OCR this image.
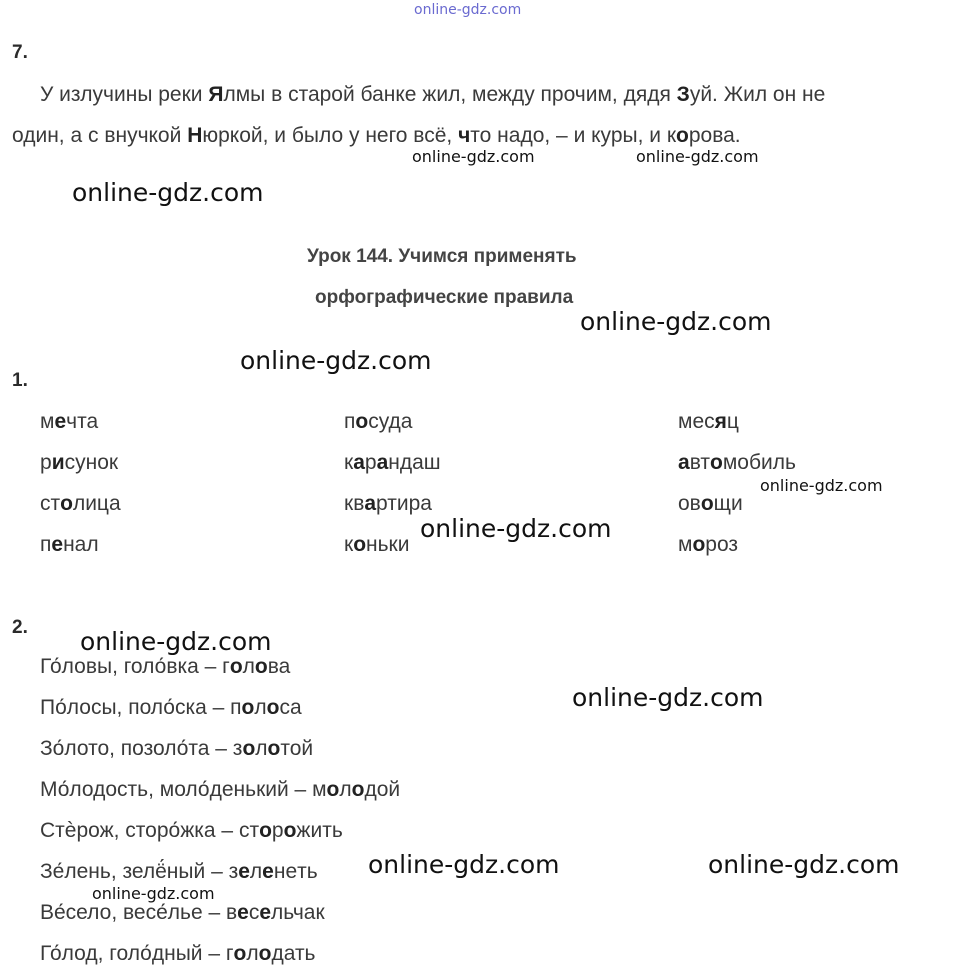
online-gdz.com
online-gdz.com	online-gdz.com
online-gdz.com
online-gdz.com
online-gdz.com
online-gdz.com
online-gdz.com
online-gdz.com
online-gdz.com
online-gdz.com	online-gdz.com
online-gdz.com
7.
У излучины реки Ялмы в старой банке жил, между прочим, дядя Зуй. Жил он не
один, а с внучкой Нюркой, и было у него всё, что надо, – и куры, и корова.
Урок 144. Учимся применять
орфографические правила
1.
мечта
рисунок
столица
пенал
посуда
карандаш
квартира
коньки
месяц
автомобиль
овощи
мороз
2.
Го́ловы, голо́вка – голова
По́лосы, поло́ска – полоса
Зо́лото, позоло́та – золотой
Мо́лодость, моло́денький – молодой
Стѐрож, сторо́жка – сторожить
Зе́лень, зелё́ный – зеленeть
Ве́село, весе́лье – весельчак
Го́лод, голо́дный – голодать
